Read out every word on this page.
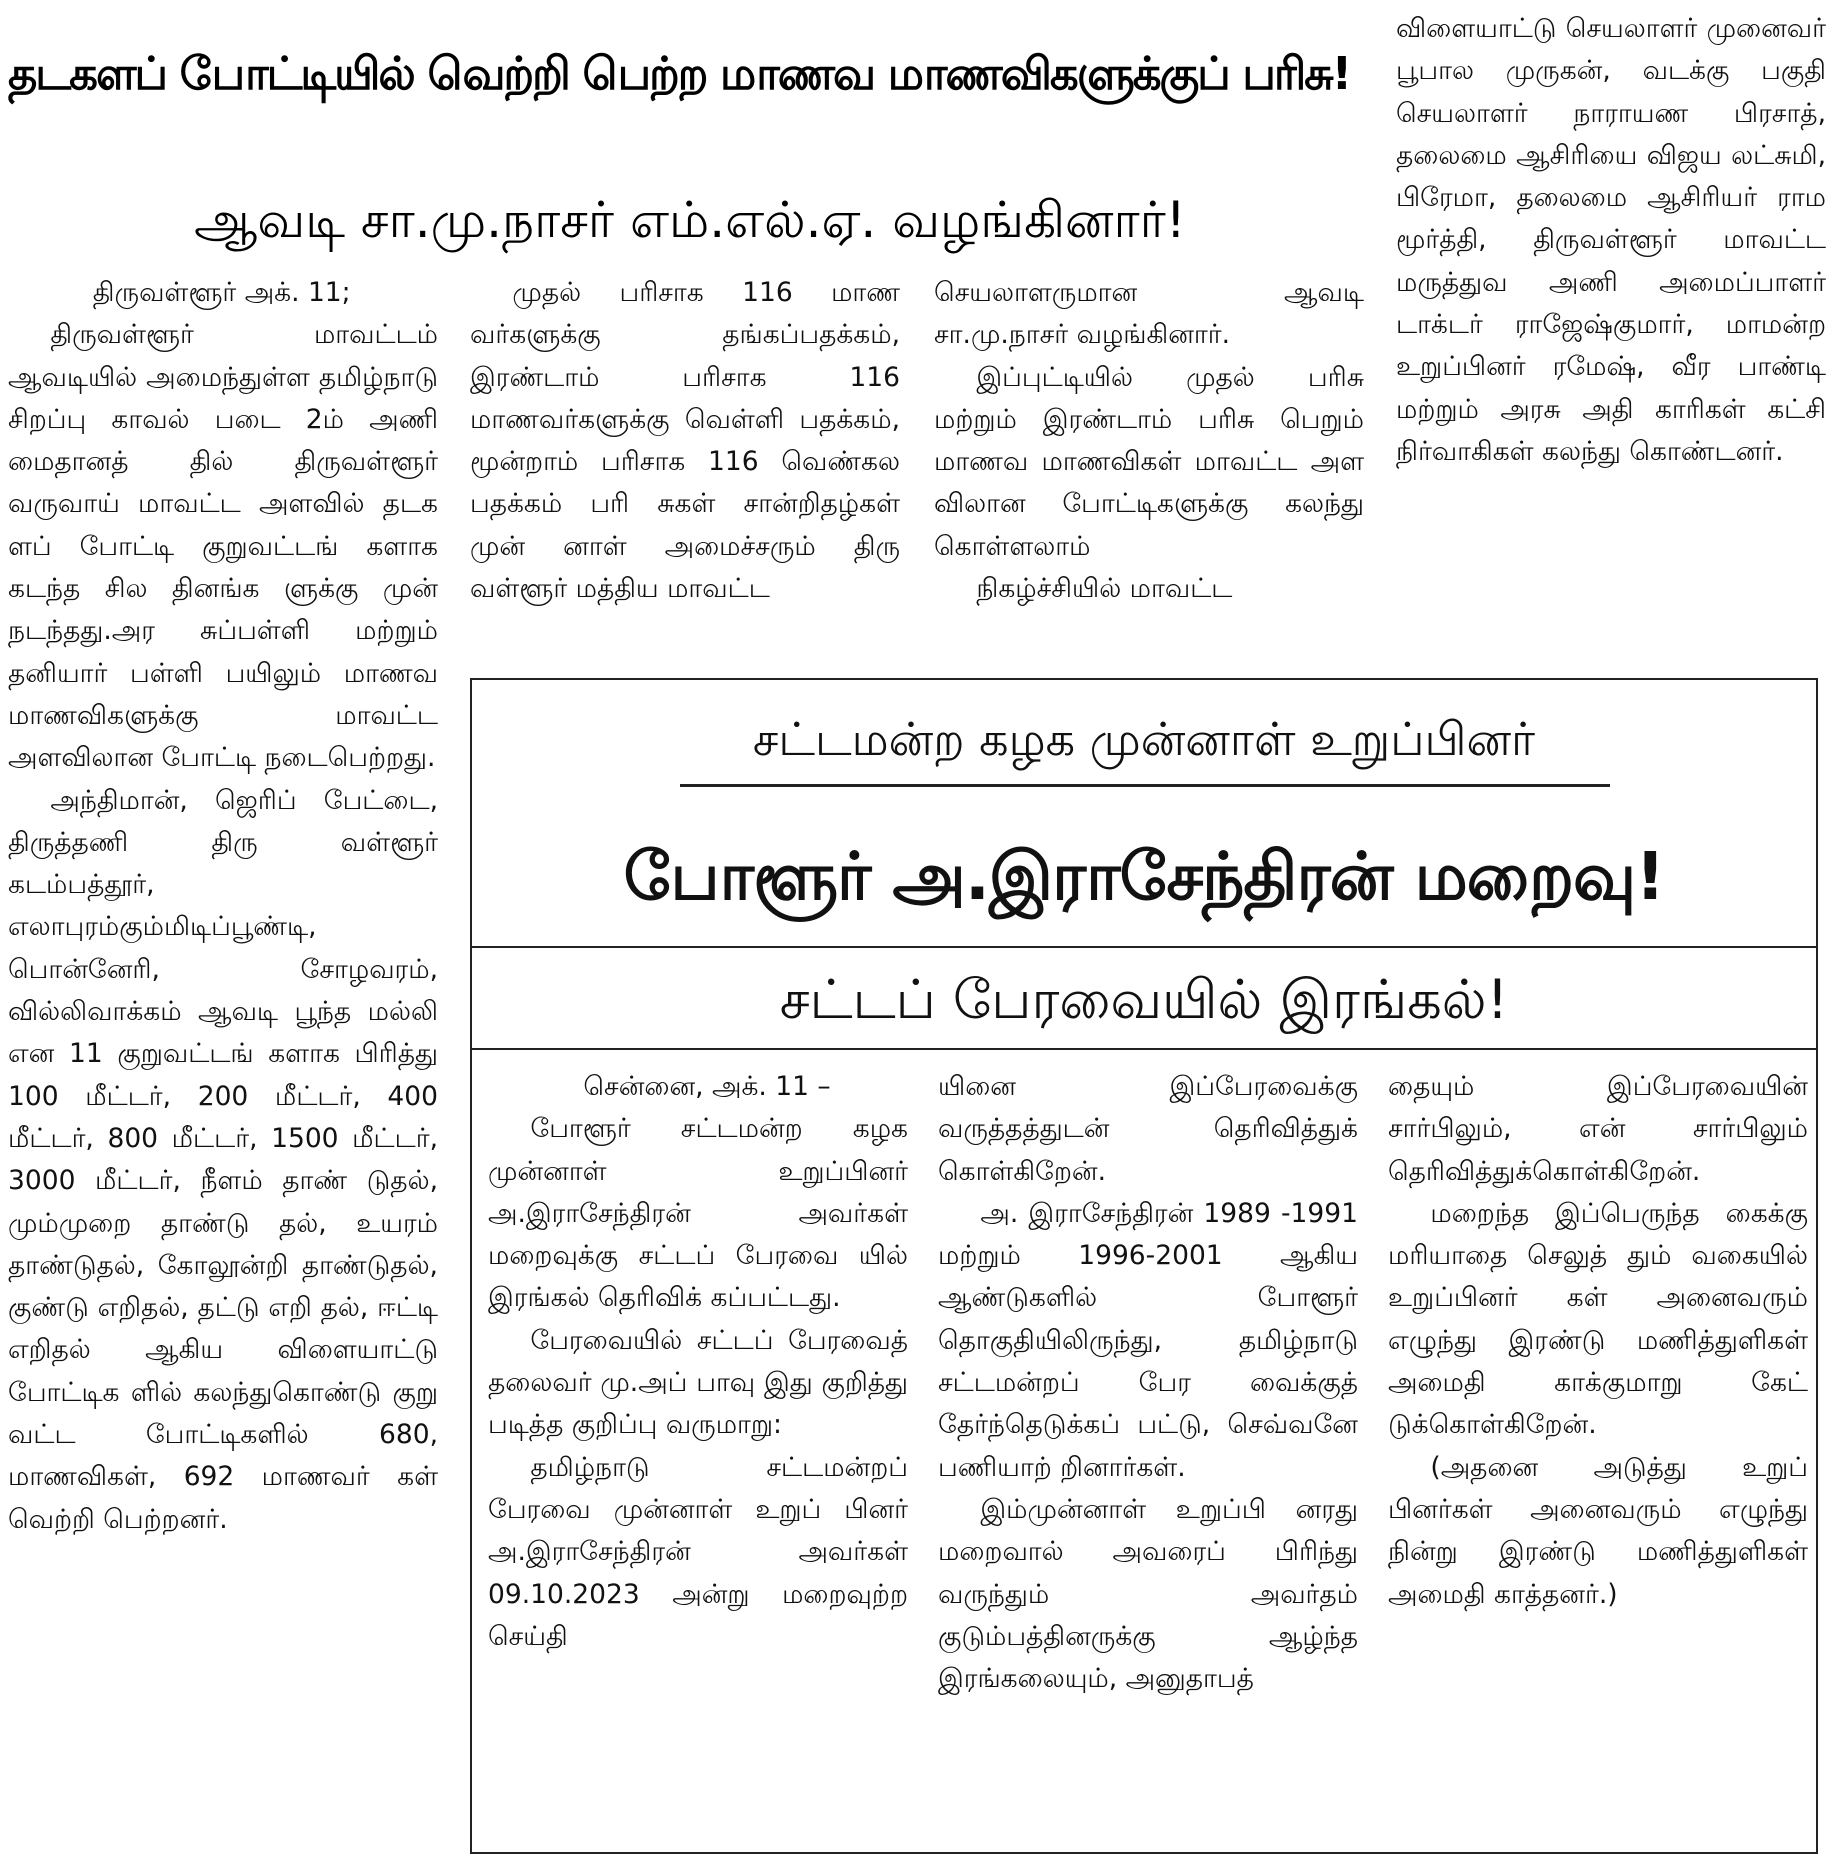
தடகளப் போட்டியில் வெற்றி பெற்ற மாணவ மாணவிகளுக்குப் பரிசு!
ஆவடி சா.மு.நாசர் எம்.எல்.ஏ. வழங்கினார்!

திருவள்ளூர் அக். 11;

திருவள்ளூர் மாவட்டம் ஆவடியில் அமைந்துள்ள தமிழ்நாடு சிறப்பு காவல் படை 2ம் அணி மைதானத் தில் திருவள்ளூர் வருவாய் மாவட்ட அளவில் தடக ளப் போட்டி குறுவட்டங் களாக கடந்த சில தினங்க ளுக்கு முன் நடந்தது.அர சுப்பள்ளி மற்றும் தனியார் பள்ளி பயிலும் மாணவ மாணவிகளுக்கு மாவட்ட அளவிலான போட்டி நடைபெற்றது.

அந்திமான், ஜெரிப் பேட்டை, திருத்தணி திரு வள்ளூர் கடம்பத்தூர், எலாபுரம்கும்மிடிப்பூண்டி, பொன்னேரி, சோழவரம், வில்லிவாக்கம் ஆவடி பூந்த மல்லி என 11 குறுவட்டங் களாக பிரித்து 100 மீட்டர், 200 மீட்டர், 400 மீட்டர், 800 மீட்டர், 1500 மீட்டர், 3000 மீட்டர், நீளம் தாண் டுதல், மும்முறை தாண்டு தல், உயரம் தாண்டுதல், கோலூன்றி தாண்டுதல், குண்டு எறிதல், தட்டு எறி தல், ஈட்டி எறிதல் ஆகிய விளையாட்டு போட்டிக ளில் கலந்துகொண்டு குறு வட்ட போட்டிகளில் 680, மாணவிகள், 692 மாணவர் கள் வெற்றி பெற்றனர்.

முதல் பரிசாக 116 மாண வர்களுக்கு தங்கப்பதக்கம், இரண்டாம் பரிசாக 116 மாணவர்களுக்கு வெள்ளி பதக்கம், மூன்றாம் பரிசாக 116 வெண்கல பதக்கம் பரி சுகள் சான்றிதழ்கள் முன் னாள் அமைச்சரும் திரு வள்ளூர் மத்திய மாவட்ட

செயலாளருமான ஆவடி சா.மு.நாசர் வழங்கினார்.

இப்புட்டியில் முதல் பரிசு மற்றும் இரண்டாம் பரிசு பெறும் மாணவ மாணவிகள் மாவட்ட அள விலான போட்டிகளுக்கு கலந்து கொள்ளலாம்

நிகழ்ச்சியில் மாவட்ட

விளையாட்டு செயலாளர் முனைவர் பூபால முருகன், வடக்கு பகுதி செயலாளர் நாராயண பிரசாத், தலைமை ஆசிரியை விஜய லட்சுமி, பிரேமா, தலைமை ஆசிரியர் ராம மூர்த்தி, திருவள்ளூர் மாவட்ட மருத்துவ அணி அமைப்பாளர் டாக்டர் ராஜேஷ்குமார், மாமன்ற உறுப்பினர் ரமேஷ், வீர பாண்டி மற்றும் அரசு அதி காரிகள் கட்சி நிர்வாகிகள் கலந்து கொண்டனர்.

சட்டமன்ற கழக முன்னாள் உறுப்பினர்
போளூர் அ.இராசேந்திரன் மறைவு!
சட்டப் பேரவையில் இரங்கல்!

சென்னை, அக். 11 –

போளூர் சட்டமன்ற கழக முன்னாள் உறுப்பினர் அ.இராசேந்திரன் அவர்கள் மறைவுக்கு சட்டப் பேரவை யில் இரங்கல் தெரிவிக் கப்பட்டது.

பேரவையில் சட்டப் பேரவைத் தலைவர் மு.அப் பாவு இது குறித்து படித்த குறிப்பு வருமாறு:

தமிழ்நாடு சட்டமன்றப் பேரவை முன்னாள் உறுப் பினர் அ.இராசேந்திரன் அவர்கள் 09.10.2023 அன்று மறைவுற்ற செய்தி

யினை இப்பேரவைக்கு வருத்தத்துடன் தெரிவித்துக் கொள்கிறேன்.

அ. இராசேந்திரன் 1989 -1991 மற்றும் 1996-2001 ஆகிய ஆண்டுகளில் போளூர் தொகுதியிலிருந்து, தமிழ்நாடு சட்டமன்றப் பேர வைக்குத் தேர்ந்தெடுக்கப் பட்டு, செவ்வனே பணியாற் றினார்கள்.

இம்முன்னாள் உறுப்பி னரது மறைவால் அவரைப் பிரிந்து வருந்தும் அவர்தம் குடும்பத்தினருக்கு ஆழ்ந்த இரங்கலையும், அனுதாபத்

தையும் இப்பேரவையின் சார்பிலும், என் சார்பிலும் தெரிவித்துக்கொள்கிறேன்.

மறைந்த இப்பெருந்த கைக்கு மரியாதை செலுத் தும் வகையில் உறுப்பினர் கள் அனைவரும் எழுந்து இரண்டு மணித்துளிகள் அமைதி காக்குமாறு கேட் டுக்கொள்கிறேன்.

(அதனை அடுத்து உறுப் பினர்கள் அனைவரும் எழுந்து நின்று இரண்டு மணித்துளிகள் அமைதி காத்தனர்.)
